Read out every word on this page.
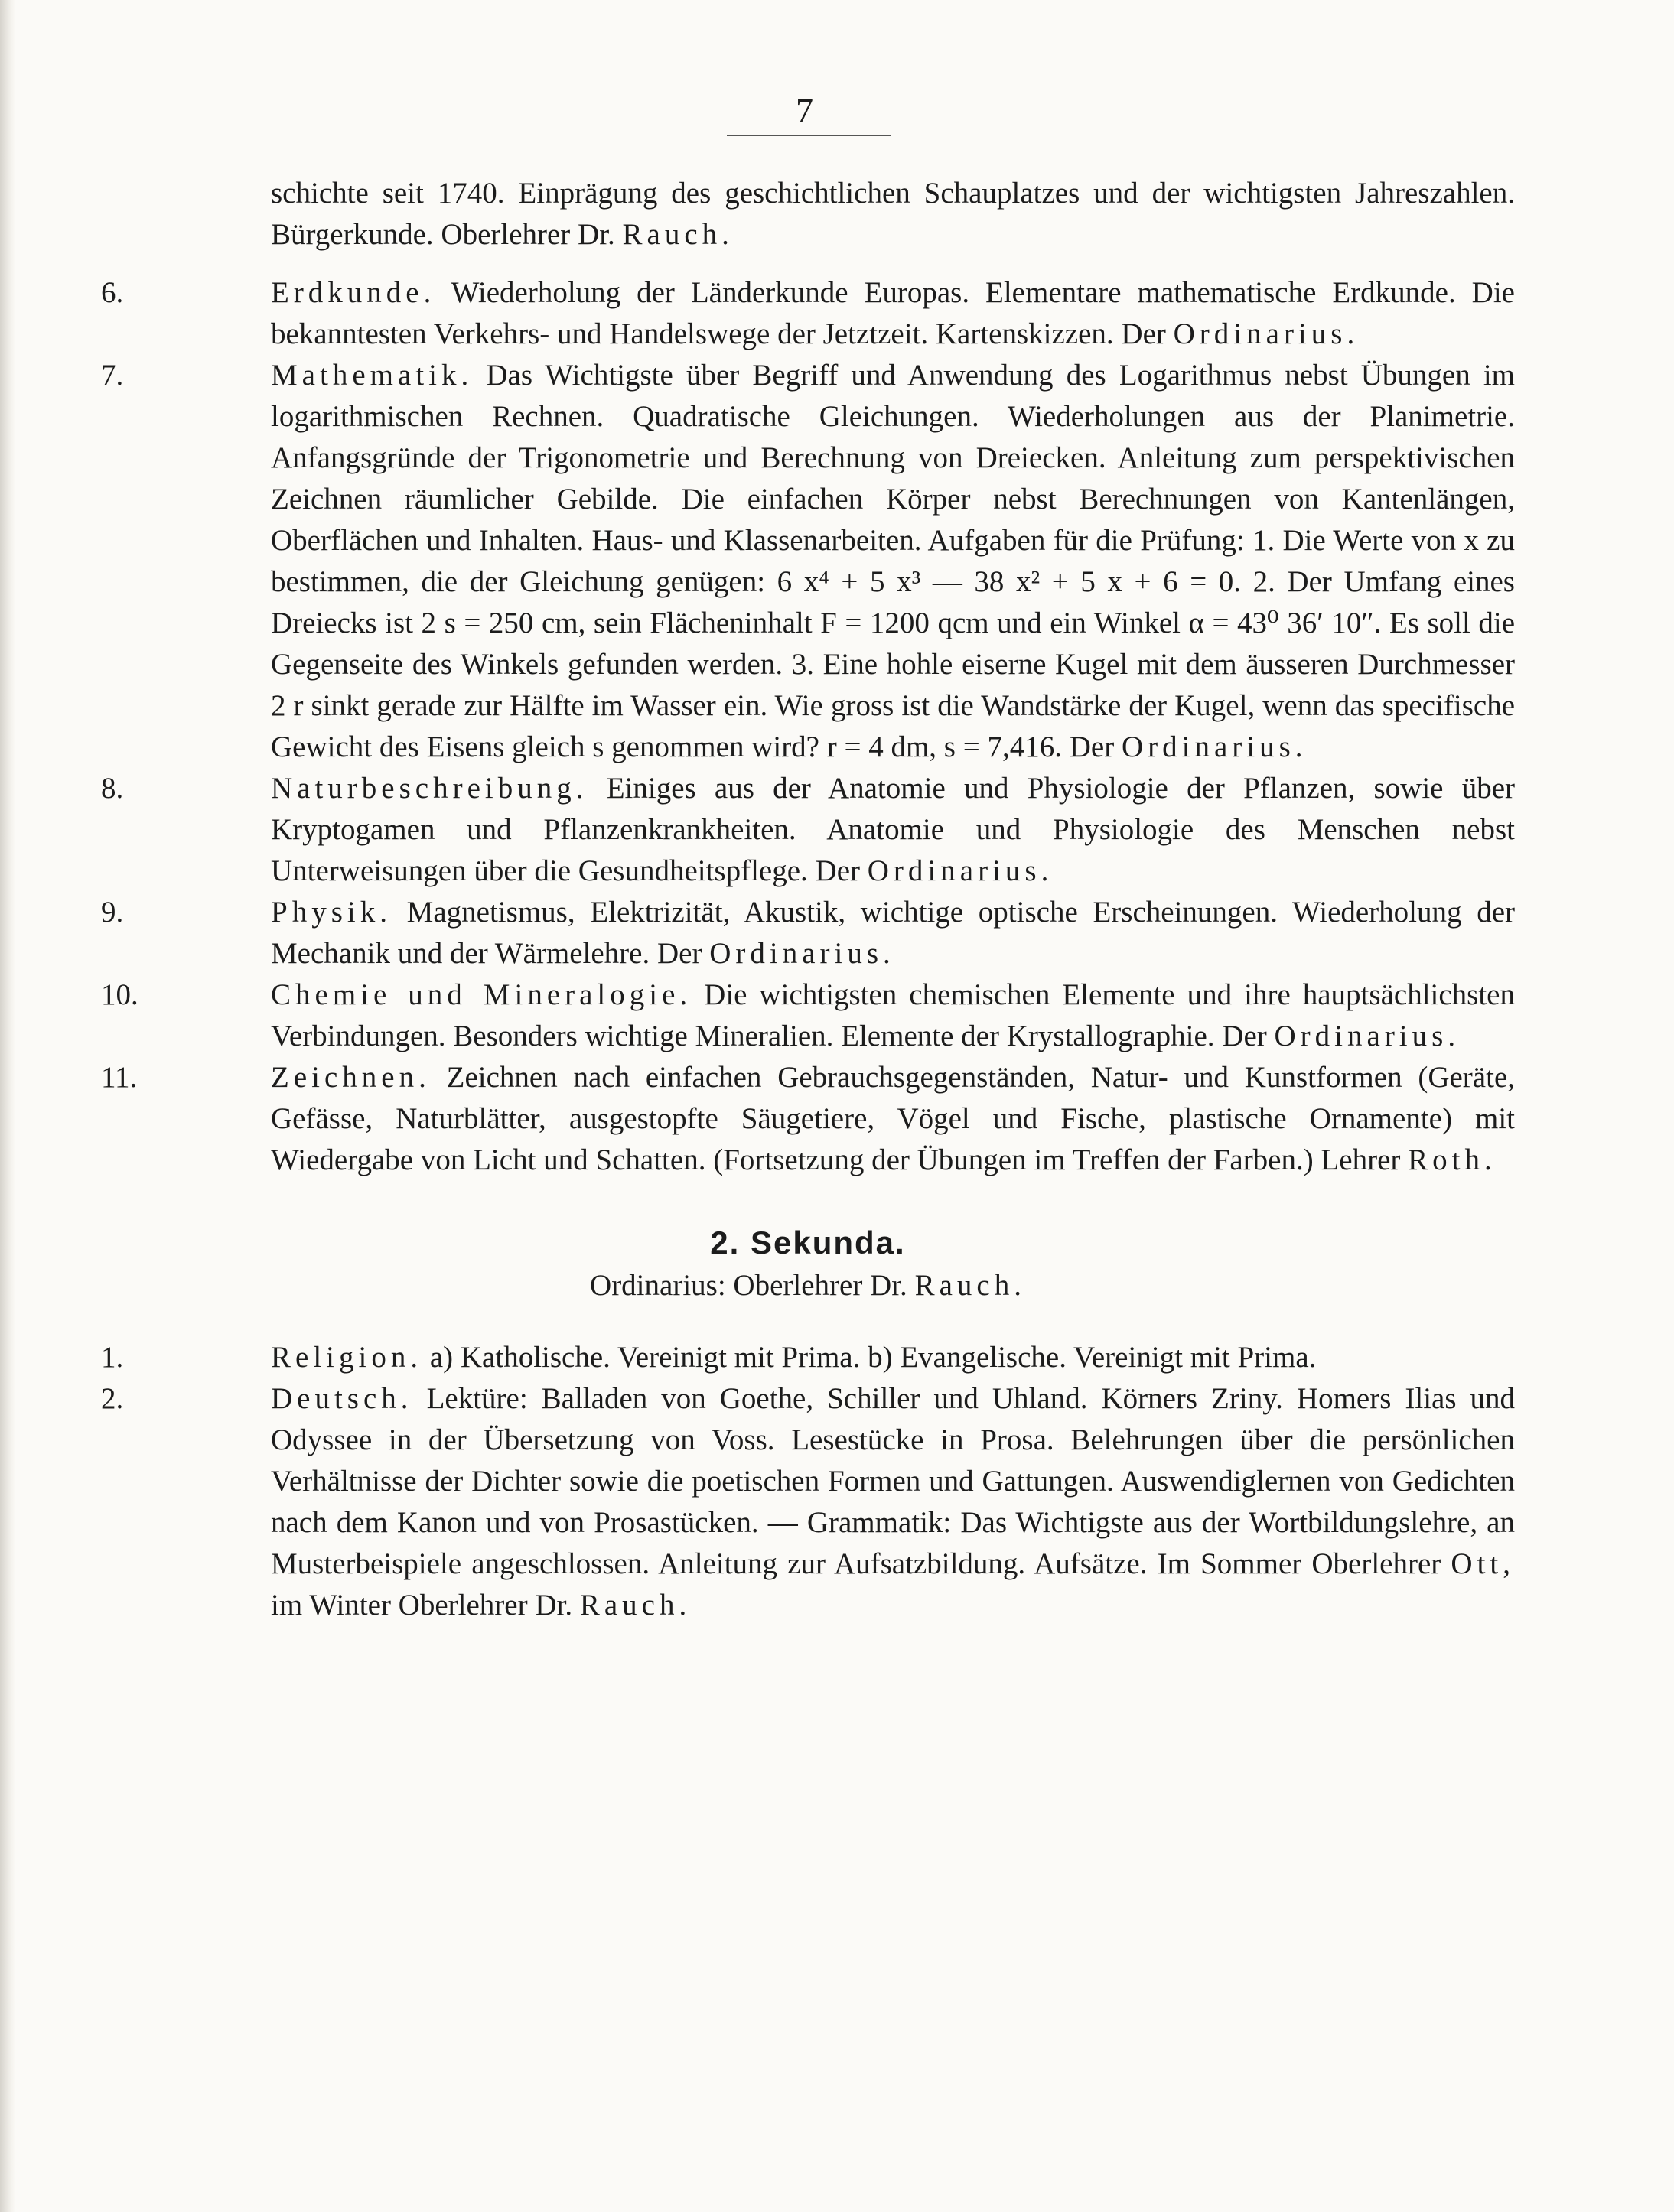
7
schichte seit 1740. Einprägung des geschichtlichen Schauplatzes und der wichtigsten Jahreszahlen. Bürgerkunde. Oberlehrer Dr. Rauch.
6.	Erdkunde. Wiederholung der Länderkunde Europas. Elementare mathematische Erdkunde. Die bekanntesten Verkehrs- und Handelswege der Jetztzeit. Kartenskizzen. Der Ordinarius.
7.	Mathematik. Das Wichtigste über Begriff und Anwendung des Logarithmus nebst Übungen im logarithmischen Rechnen. Quadratische Gleichungen. Wiederholungen aus der Planimetrie. Anfangsgründe der Trigonometrie und Berechnung von Dreiecken. Anleitung zum perspektivischen Zeichnen räumlicher Gebilde. Die einfachen Körper nebst Berechnungen von Kantenlängen, Oberflächen und Inhalten. Haus- und Klassenarbeiten. Aufgaben für die Prüfung: 1. Die Werte von x zu bestimmen, die der Gleichung genügen: 6 x⁴ + 5 x³ — 38 x² + 5 x + 6 = 0. 2. Der Umfang eines Dreiecks ist 2 s = 250 cm, sein Flächeninhalt F = 1200 qcm und ein Winkel α = 43⁰ 36′ 10″. Es soll die Gegenseite des Winkels gefunden werden. 3. Eine hohle eiserne Kugel mit dem äusseren Durchmesser 2 r sinkt gerade zur Hälfte im Wasser ein. Wie gross ist die Wandstärke der Kugel, wenn das specifische Gewicht des Eisens gleich s genommen wird? r = 4 dm, s = 7,416. Der Ordinarius.
8.	Naturbeschreibung. Einiges aus der Anatomie und Physiologie der Pflanzen, sowie über Kryptogamen und Pflanzenkrankheiten. Anatomie und Physiologie des Menschen nebst Unterweisungen über die Gesundheitspflege. Der Ordinarius.
9.	Physik. Magnetismus, Elektrizität, Akustik, wichtige optische Erscheinungen. Wiederholung der Mechanik und der Wärmelehre. Der Ordinarius.
10.	Chemie und Mineralogie. Die wichtigsten chemischen Elemente und ihre hauptsächlichsten Verbindungen. Besonders wichtige Mineralien. Elemente der Krystallographie. Der Ordinarius.
11.	Zeichnen. Zeichnen nach einfachen Gebrauchsgegenständen, Natur- und Kunstformen (Geräte, Gefässe, Naturblätter, ausgestopfte Säugetiere, Vögel und Fische, plastische Ornamente) mit Wiedergabe von Licht und Schatten. (Fortsetzung der Übungen im Treffen der Farben.) Lehrer Roth.
2. Sekunda.
Ordinarius: Oberlehrer Dr. Rauch.
1.	Religion. a) Katholische. Vereinigt mit Prima. b) Evangelische. Vereinigt mit Prima.
2.	Deutsch. Lektüre: Balladen von Goethe, Schiller und Uhland. Körners Zriny. Homers Ilias und Odyssee in der Übersetzung von Voss. Lesestücke in Prosa. Belehrungen über die persönlichen Verhältnisse der Dichter sowie die poetischen Formen und Gattungen. Auswendiglernen von Gedichten nach dem Kanon und von Prosastücken. — Grammatik: Das Wichtigste aus der Wortbildungslehre, an Musterbeispiele angeschlossen. Anleitung zur Aufsatzbildung. Aufsätze. Im Sommer Oberlehrer Ott, im Winter Oberlehrer Dr. Rauch.
